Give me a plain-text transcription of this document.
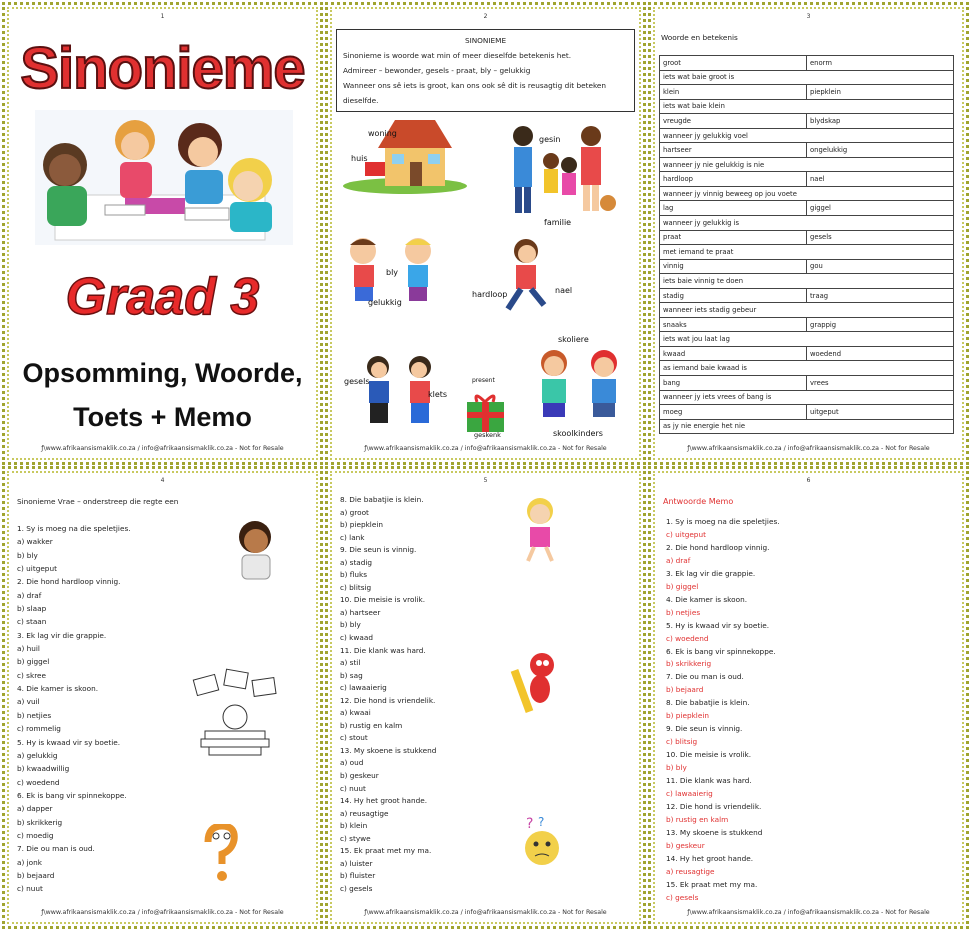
1
Sinonieme
Graad 3
Opsomming, Woorde,
Toets + Memo
ƒ\www.afrikaansismaklik.co.za / info@afrikaansismaklik.co.za - Not for Resale
2
SINONIEME
Sinonieme is woorde wat min of meer dieselfde betekenis het.
Admireer – bewonder, gesels - praat, bly – gelukkig
Wanneer ons sê iets is groot, kan ons ook sê dit is reusagtig dit beteken dieselfde.
woning
huis
gesin
familie
bly
gelukkig
hardloop	nael
gesels
klets
present
geskenk
skoliere
skoolkinders
ƒ\www.afrikaansismaklik.co.za / info@afrikaansismaklik.co.za - Not for Resale
3
Woorde en betekenis
groot	enorm
iets wat baie groot is	
klein	piepklein
iets wat baie klein	
vreugde	blydskap
wanneer jy gelukkig voel	
hartseer	ongelukkig
wanneer jy nie gelukkig is nie	
hardloop	nael
wanneer jy vinnig beweeg op jou voete	
lag	giggel
wanneer jy gelukkig is	
praat	gesels
met iemand te praat	
vinnig	gou
iets baie vinnig te doen	
stadig	traag
wanneer iets stadig gebeur	
snaaks	grappig
iets wat jou laat lag	
kwaad	woedend
as iemand baie kwaad is	
bang	vrees
wanneer jy iets vrees of bang is	
moeg	uitgeput
as jy nie energie het nie	
ƒ\www.afrikaansismaklik.co.za / info@afrikaansismaklik.co.za - Not for Resale
4
Sinonieme Vrae – onderstreep die regte een
1. Sy is moeg na die speletjies.
a) wakker
b) bly
c) uitgeput
2. Die hond hardloop vinnig.
a) draf
b) slaap
c) staan
3. Ek lag vir die grappie.
a) huil
b) giggel
c) skree
4. Die kamer is skoon.
a) vuil
b) netjies
c) rommelig
5. Hy is kwaad vir sy boetie.
a) gelukkig
b) kwaadwillig
c) woedend
6. Ek is bang vir spinnekoppe.
a) dapper
b) skrikkerig
c) moedig
7. Die ou man is oud.
a) jonk
b) bejaard
c) nuut
ƒ\www.afrikaansismaklik.co.za / info@afrikaansismaklik.co.za - Not for Resale
5
8. Die babatjie is klein.
a) groot
b) piepklein
c) lank
9. Die seun is vinnig.
a) stadig
b) fluks
c) blitsig
10. Die meisie is vrolik.
a) hartseer
b) bly
c) kwaad
11. Die klank was hard.
a) stil
b) sag
c) lawaaierig
12. Die hond is vriendelik.
a) kwaai
b) rustig en kalm
c) stout
13. My skoene is stukkend
a) oud
b) geskeur
c) nuut
14. Hy het groot hande.
a) reusagtige
b) klein
c) stywe
15. Ek praat met my ma.
a) luister
b) fluister
c) gesels
? ?
ƒ\www.afrikaansismaklik.co.za / info@afrikaansismaklik.co.za - Not for Resale
6
Antwoorde Memo
1. Sy is moeg na die speletjies.
c) uitgeput
2. Die hond hardloop vinnig.
a) draf
3. Ek lag vir die grappie.
b) giggel
4. Die kamer is skoon.
b) netjies
5. Hy is kwaad vir sy boetie.
c) woedend
6. Ek is bang vir spinnekoppe.
b) skrikkerig
7. Die ou man is oud.
b) bejaard
8. Die babatjie is klein.
b) piepklein
9. Die seun is vinnig.
c) blitsig
10. Die meisie is vrolik.
b) bly
11. Die klank was hard.
c) lawaaierig
12. Die hond is vriendelik.
b) rustig en kalm
13. My skoene is stukkend
b) geskeur
14. Hy het groot hande.
a) reusagtige
15. Ek praat met my ma.
c) gesels
ƒ\www.afrikaansismaklik.co.za / info@afrikaansismaklik.co.za - Not for Resale
